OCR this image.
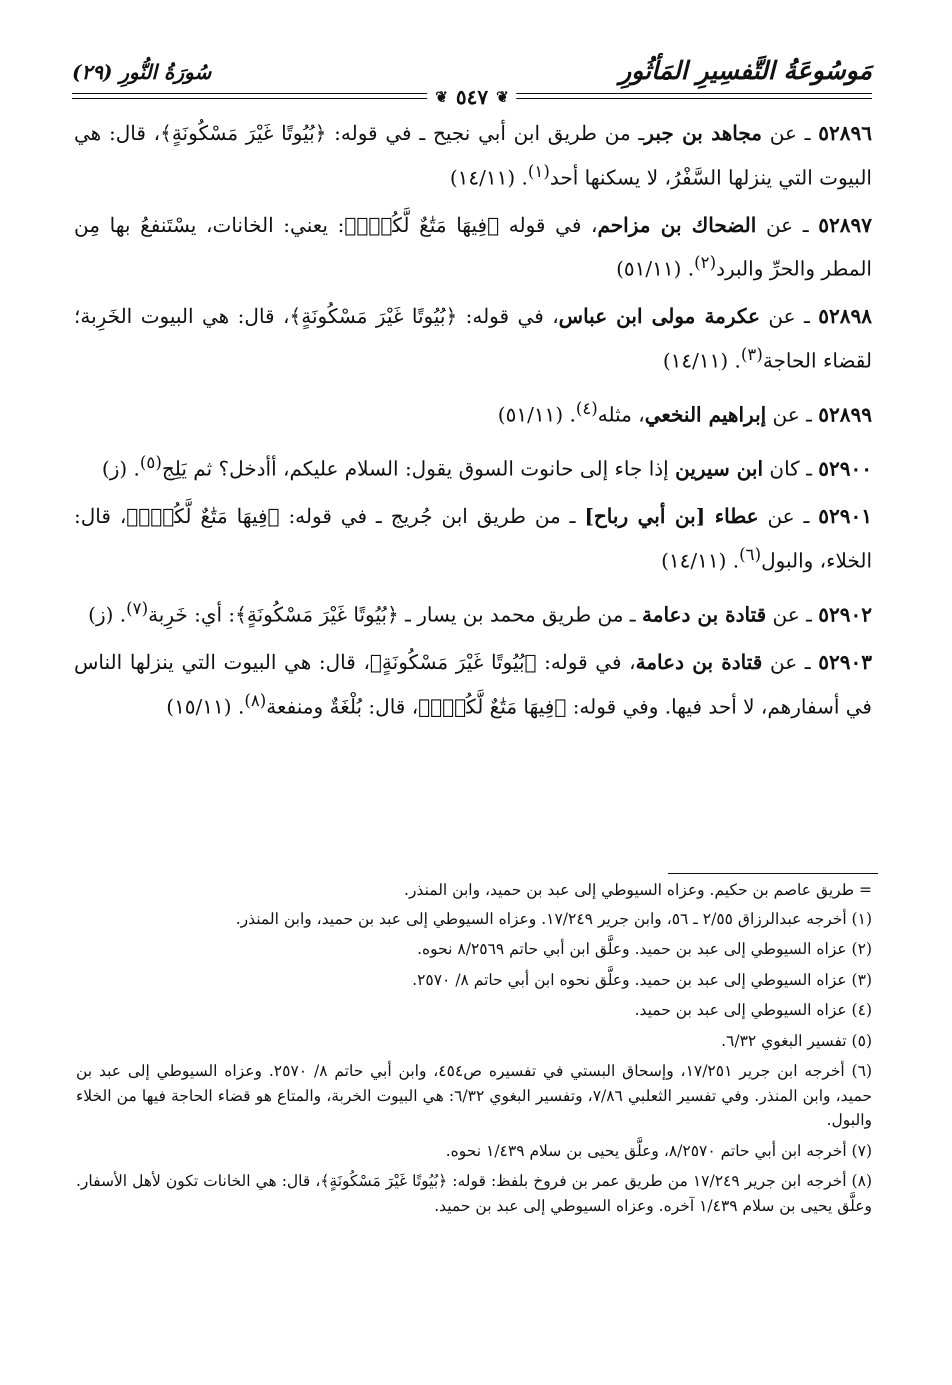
مَوسُوعَةُ التَّفسِيرِ المَأثُورِ
سُورَةُ النُّورِ (٢٩)
❦
٥٤٧
❦

٥٢٨٩٦ ـ عن مجاهد بن جبرـ من طريق ابن أبي نجيح ـ في قوله: ﴿بُيُوتًا غَيْرَ مَسْكُونَةٍ﴾، قال: هي البيوت التي ينزلها السَّفْرُ، لا يسكنها أحد$^{(١)}$. (١٤/١١)

٥٢٨٩٧ ـ عن الضحاك بن مزاحم، في قوله ﴿فِيهَا مَتَٰعٌ لَّكُمْۚ﴾: يعني: الخانات، يسْتَنفعُ بها مِن المطر والحرِّ والبرد$^{(٢)}$. (٥١/١١)

٥٢٨٩٨ ـ عن عكرمة مولى ابن عباس، في قوله: ﴿بُيُوتًا غَيْرَ مَسْكُونَةٍ﴾، قال: هي البيوت الخَرِبة؛ لقضاء الحاجة$^{(٣)}$. (١٤/١١)

٥٢٨٩٩ ـ عن إبراهيم النخعي، مثله$^{(٤)}$. (٥١/١١)

٥٢٩٠٠ ـ كان ابن سيرين إذا جاء إلى حانوت السوق يقول: السلام عليكم، أأدخل؟ ثم يَلِج$^{(٥)}$. (ز)

٥٢٩٠١ ـ عن عطاء [بن أبي رباح] ـ من طريق ابن جُريج ـ في قوله: ﴿فِيهَا مَتَٰعٌ لَّكُمْۚ﴾، قال: الخلاء، والبول$^{(٦)}$. (١٤/١١)

٥٢٩٠٢ ـ عن قتادة بن دعامة ـ من طريق محمد بن يسار ـ ﴿بُيُوتًا غَيْرَ مَسْكُونَةٍ﴾: أي: خَرِبة$^{(٧)}$. (ز)

٥٢٩٠٣ ـ عن قتادة بن دعامة، في قوله: ﴿بُيُوتًا غَيْرَ مَسْكُونَةٍ﴾، قال: هي البيوت التي ينزلها الناس في أسفارهم، لا أحد فيها. وفي قوله: ﴿فِيهَا مَتَٰعٌ لَّكُمْۚ﴾، قال: بُلْغَةٌ ومنفعة$^{(٨)}$. (١٥/١١)

= طريق عاصم بن حكيم. وعزاه السيوطي إلى عبد بن حميد، وابن المنذر.

(١) أخرجه عبدالرزاق ٢/٥٥ ـ ٥٦، وابن جرير ١٧/٢٤٩. وعزاه السيوطي إلى عبد بن حميد، وابن المنذر.

(٢) عزاه السيوطي إلى عبد بن حميد. وعلَّق ابن أبي حاتم ٨/٢٥٦٩ نحوه.

(٣) عزاه السيوطي إلى عبد بن حميد. وعلَّق نحوه ابن أبي حاتم ٨/ ٢٥٧٠.

(٤) عزاه السيوطي إلى عبد بن حميد.

(٥) تفسير البغوي ٦/٣٢.

(٦) أخرجه ابن جرير ١٧/٢٥١، وإسحاق البستي في تفسيره ص٤٥٤، وابن أبي حاتم ٨/ ٢٥٧٠. وعزاه السيوطي إلى عبد بن حميد، وابن المنذر. وفي تفسير الثعلبي ٧/٨٦، وتفسير البغوي ٦/٣٢: هي البيوت الخربة، والمتاع هو قضاء الحاجة فيها من الخلاء والبول.

(٧) أخرجه ابن أبي حاتم ٨/٢٥٧٠، وعلَّق يحيى بن سلام ١/٤٣٩ نحوه.

(٨) أخرجه ابن جرير ١٧/٢٤٩ من طريق عمر بن فروخ بلفظ: قوله: ﴿بُيُوتًا غَيْرَ مَسْكُونَةٍ﴾، قال: هي الخانات تكون لأهل الأسفار. وعلَّق يحيى بن سلام ١/٤٣٩ آخره. وعزاه السيوطي إلى عبد بن حميد.
